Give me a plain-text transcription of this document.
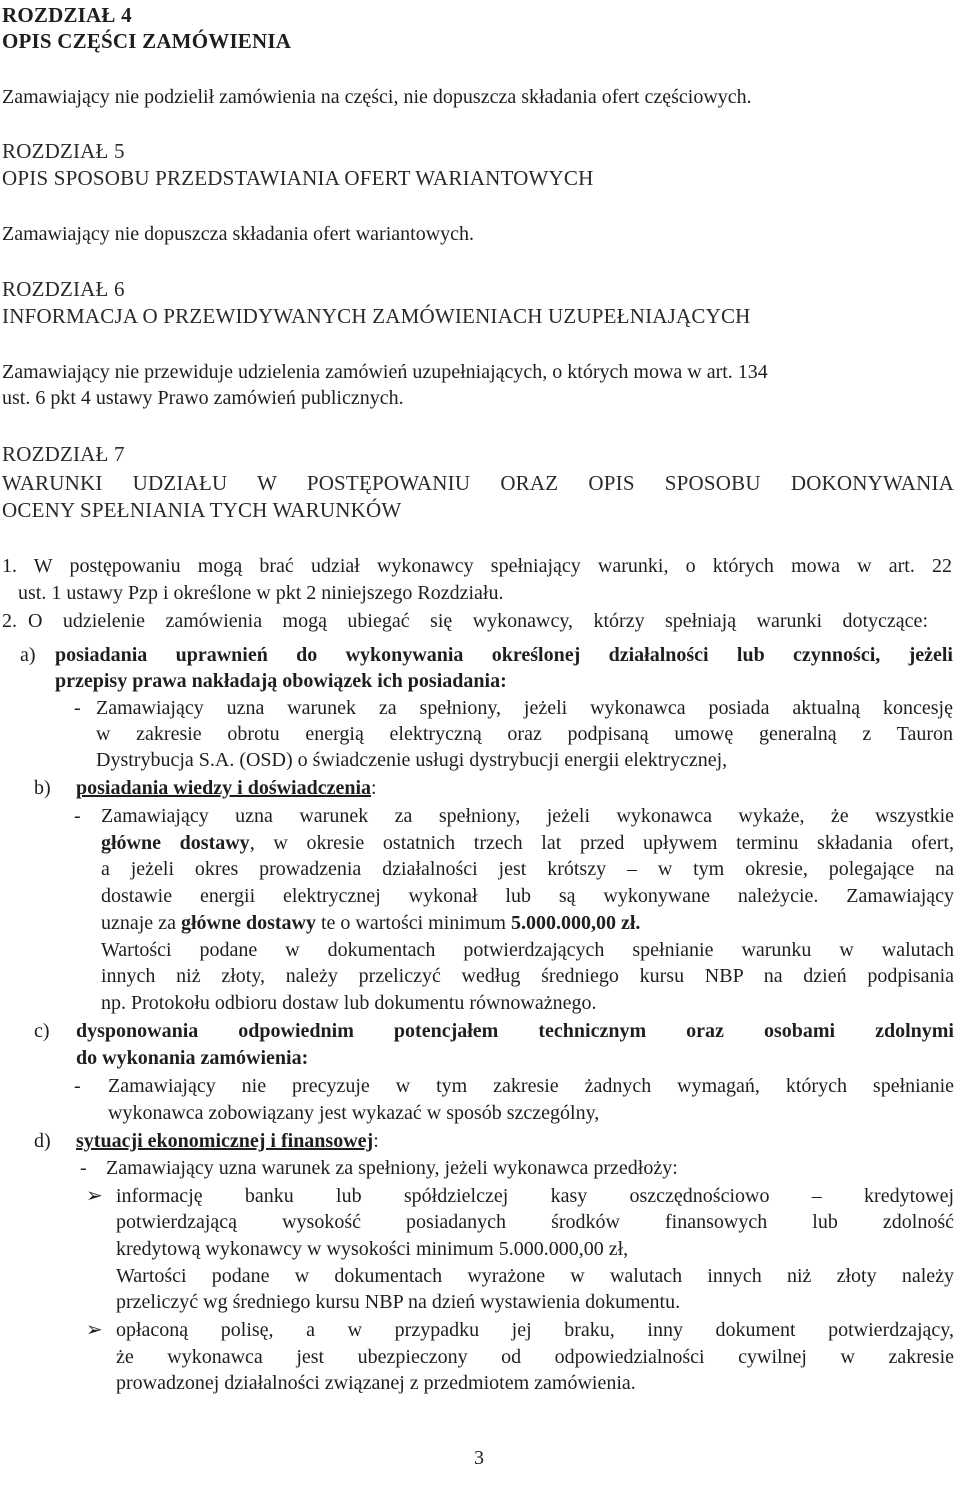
ROZDZIAŁ 4
OPIS CZĘŚCI ZAMÓWIENIA
Zamawiający nie podzielił zamówienia na części, nie dopuszcza składania ofert częściowych.
ROZDZIAŁ 5
OPIS SPOSOBU PRZEDSTAWIANIA OFERT WARIANTOWYCH
Zamawiający nie dopuszcza składania ofert wariantowych.
ROZDZIAŁ 6
INFORMACJA O PRZEWIDYWANYCH ZAMÓWIENIACH UZUPEŁNIAJĄCYCH
Zamawiający nie przewiduje udzielenia zamówień uzupełniających, o których mowa w art. 134
ust. 6 pkt 4 ustawy Prawo zamówień publicznych.
ROZDZIAŁ 7
WARUNKI UDZIAŁU W POSTĘPOWANIU ORAZ OPIS SPOSOBU DOKONYWANIA
OCENY SPEŁNIANIA TYCH WARUNKÓW
1. W postępowaniu mogą brać udział wykonawcy spełniający warunki, o których mowa w art. 22
ust. 1 ustawy Pzp i określone w pkt 2 niniejszego Rozdziału.
2. O udzielenie zamówienia mogą ubiegać się wykonawcy, którzy spełniają warunki dotyczące:
a) posiadania uprawnień do wykonywania określonej działalności lub czynności, jeżeli
przepisy prawa nakładają obowiązek ich posiadania:
- Zamawiający uzna warunek za spełniony, jeżeli wykonawca posiada aktualną koncesję
w zakresie obrotu energią elektryczną oraz podpisaną umowę generalną z Tauron
Dystrybucja S.A. (OSD) o świadczenie usługi dystrybucji energii elektrycznej,
b) posiadania wiedzy i doświadczenia:
- Zamawiający uzna warunek za spełniony, jeżeli wykonawca wykaże, że wszystkie
główne dostawy, w okresie ostatnich trzech lat przed upływem terminu składania ofert,
a jeżeli okres prowadzenia działalności jest krótszy – w tym okresie, polegające na
dostawie energii elektrycznej wykonał lub są wykonywane należycie. Zamawiający
uznaje za główne dostawy te o wartości minimum 5.000.000,00 zł.
Wartości podane w dokumentach potwierdzających spełnianie warunku w walutach
innych niż złoty, należy przeliczyć według średniego kursu NBP na dzień podpisania
np. Protokołu odbioru dostaw lub dokumentu równoważnego.
c) dysponowania odpowiednim potencjałem technicznym oraz osobami zdolnymi
do wykonania zamówienia:
- Zamawiający nie precyzuje w tym zakresie żadnych wymagań, których spełnianie
wykonawca zobowiązany jest wykazać w sposób szczególny,
d) sytuacji ekonomicznej i finansowej:
- Zamawiający uzna warunek za spełniony, jeżeli wykonawca przedłoży:
➢ informację banku lub spółdzielczej kasy oszczędnościowo – kredytowej
potwierdzającą wysokość posiadanych środków finansowych lub zdolność
kredytową wykonawcy w wysokości minimum 5.000.000,00 zł,
Wartości podane w dokumentach wyrażone w walutach innych niż złoty należy
przeliczyć wg średniego kursu NBP na dzień wystawienia dokumentu.
➢ opłaconą polisę, a w przypadku jej braku, inny dokument potwierdzający,
że wykonawca jest ubezpieczony od odpowiedzialności cywilnej w zakresie
prowadzonej działalności związanej z przedmiotem zamówienia.
3
